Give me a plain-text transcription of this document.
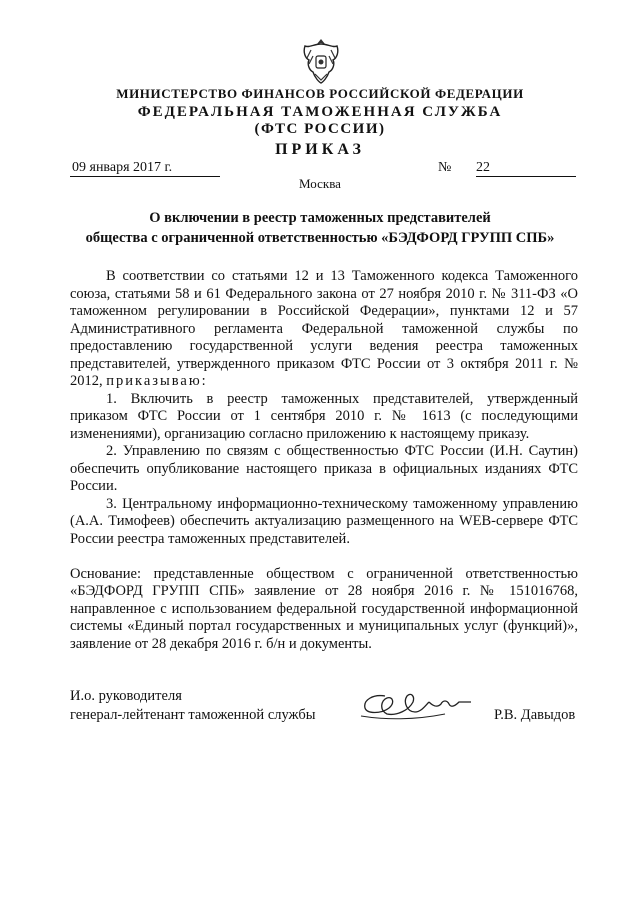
МИНИСТЕРСТВО ФИНАНСОВ РОССИЙСКОЙ ФЕДЕРАЦИИ
ФЕДЕРАЛЬНАЯ ТАМОЖЕННАЯ СЛУЖБА
(ФТС РОССИИ)
ПРИКАЗ
09 января 2017 г.	№ 22
Москва
О включении в реестр таможенных представителей
общества с ограниченной ответственностью «БЭДФОРД ГРУПП СПБ»

В соответствии со статьями 12 и 13 Таможенного кодекса Таможенного союза, статьями 58 и 61 Федерального закона от 27 ноября 2010 г. № 311-ФЗ «О таможенном регулировании в Российской Федерации», пунктами 12 и 57 Административного регламента Федеральной таможенной службы по предоставлению государственной услуги ведения реестра таможенных представителей, утвержденного приказом ФТС России от 3 октября 2011 г. № 2012, приказываю:

1. Включить в реестр таможенных представителей, утвержденный приказом ФТС России от 1 сентября 2010 г. № 1613 (с последующими изменениями), организацию согласно приложению к настоящему приказу.

2. Управлению по связям с общественностью ФТС России (И.Н. Саутин) обеспечить опубликование настоящего приказа в официальных изданиях ФТС России.

3. Центральному информационно-техническому таможенному управлению (А.А. Тимофеев) обеспечить актуализацию размещенного на WEB-сервере ФТС России реестра таможенных представителей.

Основание: представленные обществом с ограниченной ответственностью «БЭДФОРД ГРУПП СПБ» заявление от 28 ноября 2016 г. № 151016768, направленное с использованием федеральной государственной информационной системы «Единый портал государственных и муниципальных услуг (функций)», заявление от 28 декабря 2016 г. б/н и документы.

И.о. руководителя
генерал-лейтенант таможенной службы	Р.В. Давыдов
